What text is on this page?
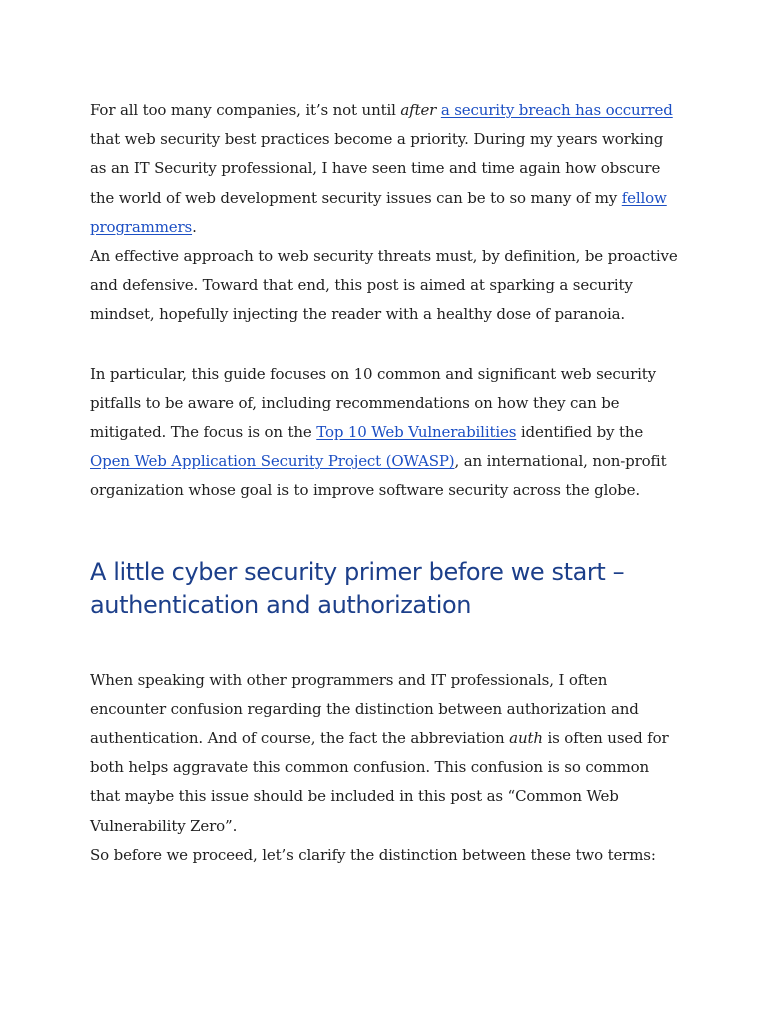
For all too many companies, it’s not until after a security breach has occurred that web security best practices become a priority. During my years working as an IT Security professional, I have seen time and time again how obscure the world of web development security issues can be to so many of my fellow programmers.

An effective approach to web security threats must, by definition, be proactive and defensive. Toward that end, this post is aimed at sparking a security mindset, hopefully injecting the reader with a healthy dose of paranoia.

In particular, this guide focuses on 10 common and significant web security pitfalls to be aware of, including recommendations on how they can be mitigated. The focus is on the Top 10 Web Vulnerabilities identified by the Open Web Application Security Project (OWASP), an international, non-profit organization whose goal is to improve software security across the globe.

A little cyber security primer before we start – authentication and authorization

When speaking with other programmers and IT professionals, I often encounter confusion regarding the distinction between authorization and authentication. And of course, the fact the abbreviation auth is often used for both helps aggravate this common confusion. This confusion is so common that maybe this issue should be included in this post as “Common Web Vulnerability Zero”.

So before we proceed, let’s clarify the distinction between these two terms:
